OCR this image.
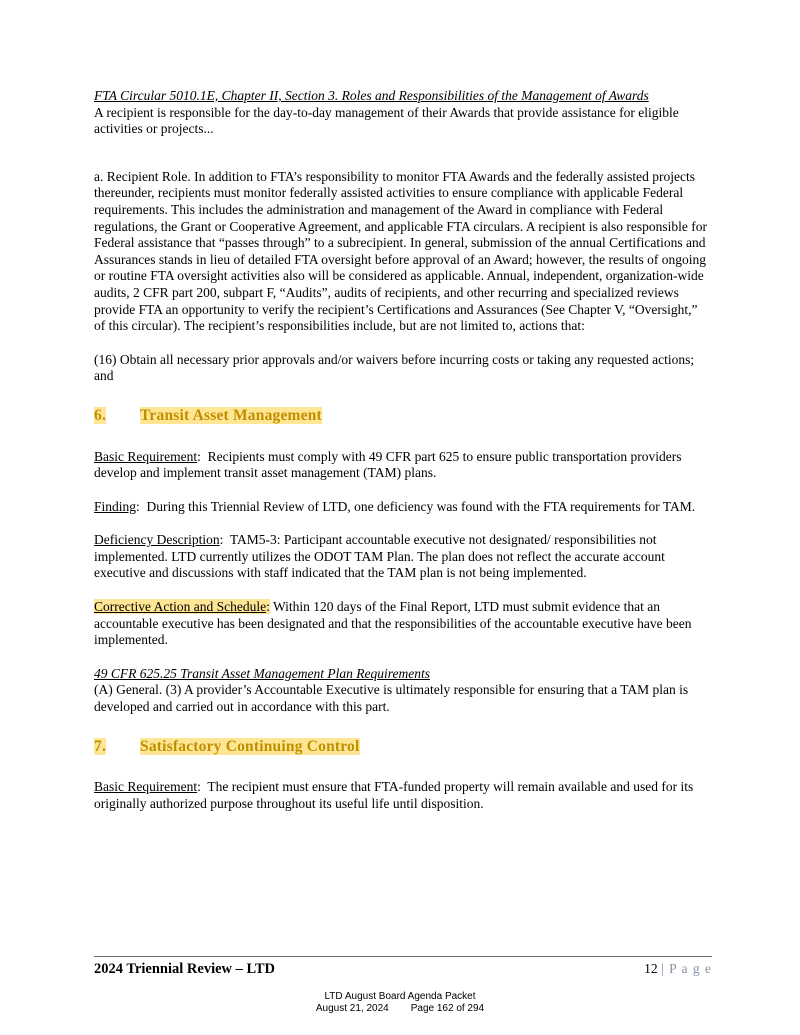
FTA Circular 5010.1E, Chapter II, Section 3. Roles and Responsibilities of the Management of Awards

A recipient is responsible for the day-to-day management of their Awards that provide assistance for eligible activities or projects...

a. Recipient Role. In addition to FTA’s responsibility to monitor FTA Awards and the federally assisted projects thereunder, recipients must monitor federally assisted activities to ensure compliance with applicable Federal requirements. This includes the administration and management of the Award in compliance with Federal regulations, the Grant or Cooperative Agreement, and applicable FTA circulars. A recipient is also responsible for Federal assistance that “passes through” to a subrecipient. In general, submission of the annual Certifications and Assurances stands in lieu of detailed FTA oversight before approval of an Award; however, the results of ongoing or routine FTA oversight activities also will be considered as applicable. Annual, independent, organization-wide audits, 2 CFR part 200, subpart F, “Audits”, audits of recipients, and other recurring and specialized reviews provide FTA an opportunity to verify the recipient’s Certifications and Assurances (See Chapter V, “Oversight,” of this circular). The recipient’s responsibilities include, but are not limited to, actions that:

(16) Obtain all necessary prior approvals and/or waivers before incurring costs or taking any requested actions; and

6. Transit Asset Management

Basic Requirement:  Recipients must comply with 49 CFR part 625 to ensure public transportation providers develop and implement transit asset management (TAM) plans.

Finding:  During this Triennial Review of LTD, one deficiency was found with the FTA requirements for TAM.

Deficiency Description:  TAM5-3: Participant accountable executive not designated/ responsibilities not implemented. LTD currently utilizes the ODOT TAM Plan. The plan does not reflect the accurate account executive and discussions with staff indicated that the TAM plan is not being implemented.

Corrective Action and Schedule: Within 120 days of the Final Report, LTD must submit evidence that an accountable executive has been designated and that the responsibilities of the accountable executive have been implemented.

49 CFR 625.25 Transit Asset Management Plan Requirements

(A) General. (3) A provider’s Accountable Executive is ultimately responsible for ensuring that a TAM plan is developed and carried out in accordance with this part.

7. Satisfactory Continuing Control

Basic Requirement:  The recipient must ensure that FTA-funded property will remain available and used for its originally authorized purpose throughout its useful life until disposition.

2024 Triennial Review – LTD	12 | P a g e
LTD August Board Agenda Packet
August 21, 2024 Page 162 of 294
